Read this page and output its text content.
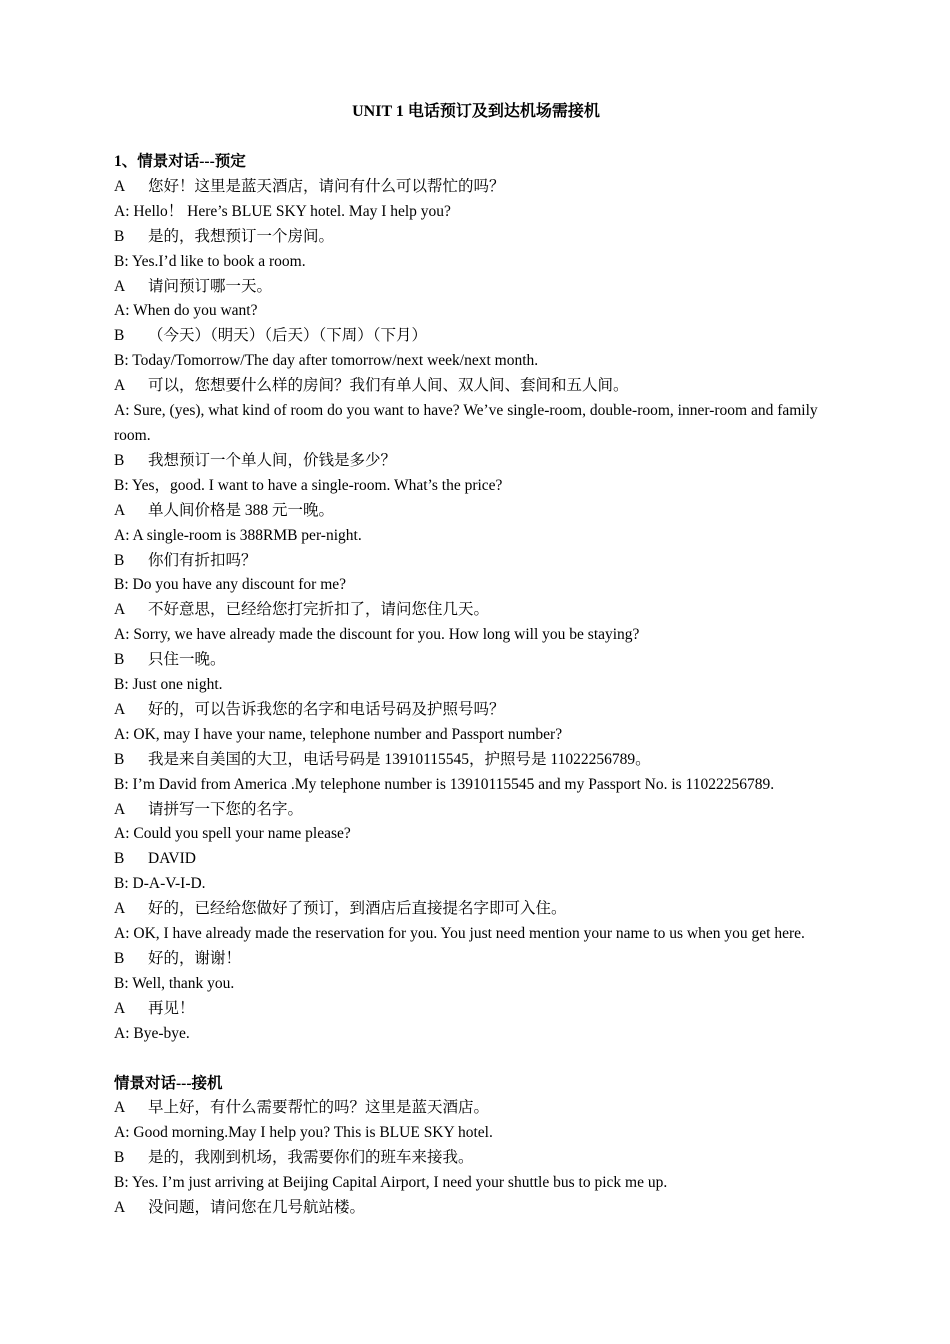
UNIT 1 电话预订及到达机场需接机

1、情景对话---预定

A 您好！这里是蓝天酒店，请问有什么可以帮忙的吗？

A: Hello！ Here’s BLUE SKY hotel. May I help you?

B 是的，我想预订一个房间。

B: Yes.I’d like to book a room.

A 请问预订哪一天。

A: When do you want?

B （今天）（明天）（后天）（下周）（下月）

B: Today/Tomorrow/The day after tomorrow/next week/next month.

A 可以，您想要什么样的房间？我们有单人间、双人间、套间和五人间。

A: Sure, (yes), what kind of room do you want to have? We’ve single-room, double-room, inner-room and family room.

B 我想预订一个单人间，价钱是多少？

B: Yes，good. I want to have a single-room. What’s the price?

A 单人间价格是 388 元一晚。

A: A single-room is 388RMB per-night.

B 你们有折扣吗？

B: Do you have any discount for me?

A 不好意思，已经给您打完折扣了，请问您住几天。

A: Sorry, we have already made the discount for you. How long will you be staying?

B 只住一晚。

B: Just one night.

A 好的，可以告诉我您的名字和电话号码及护照号吗？

A: OK, may I have your name, telephone number and Passport number?

B 我是来自美国的大卫，电话号码是 13910115545，护照号是 11022256789。

B: I’m David from America .My telephone number is 13910115545 and my Passport No. is 11022256789.

A 请拼写一下您的名字。

A: Could you spell your name please?

B DAVID

B: D-A-V-I-D.

A 好的，已经给您做好了预订，到酒店后直接提名字即可入住。

A: OK, I have already made the reservation for you. You just need mention your name to us when you get here.

B 好的，谢谢！

B: Well, thank you.

A 再见！

A: Bye-bye.

情景对话---接机

A 早上好，有什么需要帮忙的吗？这里是蓝天酒店。

A: Good morning.May I help you? This is BLUE SKY hotel.

B 是的，我刚到机场，我需要你们的班车来接我。

B: Yes. I’m just arriving at Beijing Capital Airport, I need your shuttle bus to pick me up.

A 没问题，请问您在几号航站楼。
